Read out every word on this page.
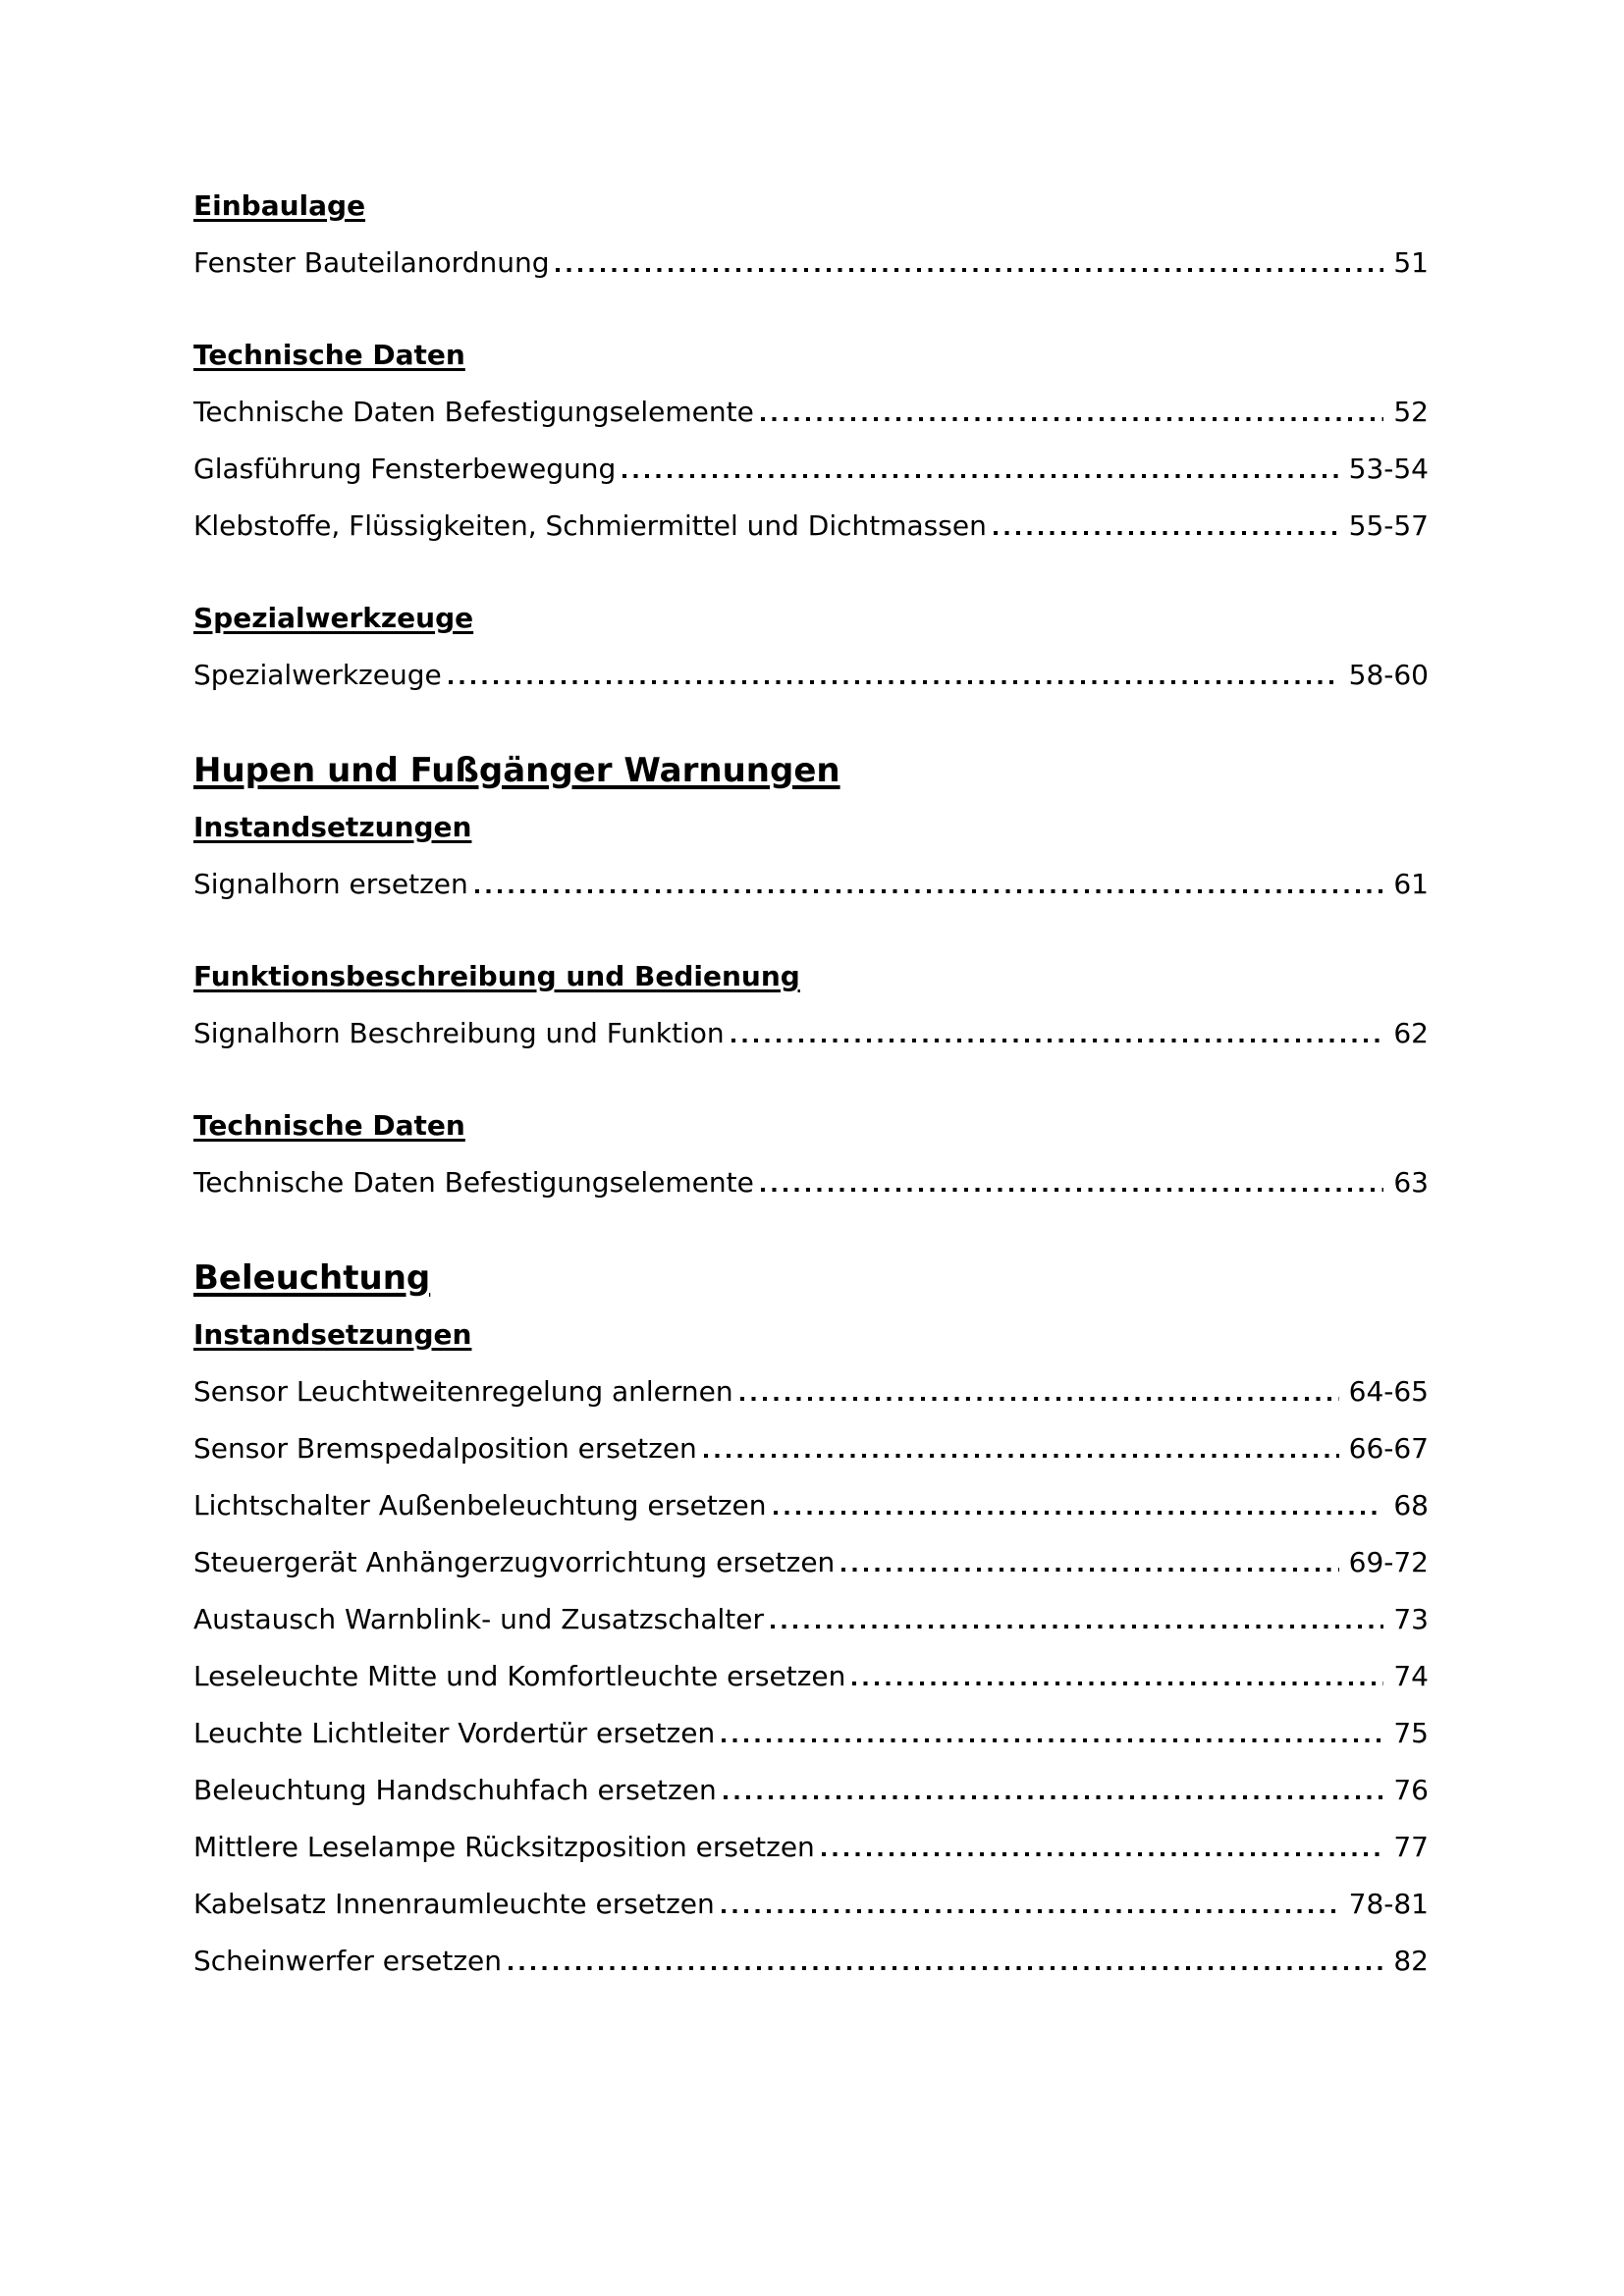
Einbaulage
Fenster Bauteilanordnung	51
Technische Daten
Technische Daten Befestigungselemente	52
Glasführung Fensterbewegung	53-54
Klebstoffe, Flüssigkeiten, Schmiermittel und Dichtmassen	55-57
Spezialwerkzeuge
Spezialwerkzeuge	58-60
Hupen und Fußgänger Warnungen
Instandsetzungen
Signalhorn ersetzen	61
Funktionsbeschreibung und Bedienung
Signalhorn Beschreibung und Funktion	62
Technische Daten
Technische Daten Befestigungselemente	63
Beleuchtung
Instandsetzungen
Sensor Leuchtweitenregelung anlernen	64-65
Sensor Bremspedalposition ersetzen	66-67
Lichtschalter Außenbeleuchtung ersetzen	68
Steuergerät Anhängerzugvorrichtung ersetzen	69-72
Austausch Warnblink- und Zusatzschalter	73
Leseleuchte Mitte und Komfortleuchte ersetzen	74
Leuchte Lichtleiter Vordertür ersetzen	75
Beleuchtung Handschuhfach ersetzen	76
Mittlere Leselampe Rücksitzposition ersetzen	77
Kabelsatz Innenraumleuchte ersetzen	78-81
Scheinwerfer ersetzen	82
